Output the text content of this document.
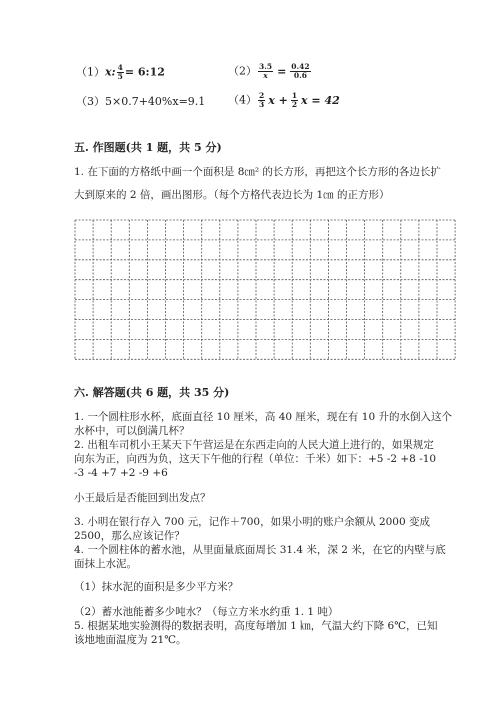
（1）x: $\frac{4}{5}$ = 6:12	$(2) \frac{3.5}{x} = \frac{0.42}{0.6}$
（3）5×0.7+40%x=9.1 $(4) \frac{2}{3}$ $x + \frac{1}{2}$ x = 42
五. 作图题(共 1 题，共 5 分)
1. 在下面的方格纸中画一个面积是 8㎝² 的长方形，再把这个长方形的各边长扩
大到原来的 2 倍，画出图形。（每个方格代表边长为 1㎝ 的正方形）
六. 解答题(共 6 题，共 35 分)
1. 一个圆柱形水杯，底面直径 10 厘米，高 40 厘米，现在有 10 升的水倒入这个
水杯中，可以倒满几杯？
2. 出租车司机小王某天下午营运是在东西走向的人民大道上进行的，如果规定
向东为正，向西为负，这天下午他的行程（单位：千米）如下：+5 -2 +8 -10
-3 -4 +7 +2 -9 +6
小王最后是否能回到出发点？
3. 小明在银行存入 700 元，记作＋700，如果小明的账户余额从 2000 变成
2500，那么应该记作？
4. 一个圆柱体的蓄水池，从里面量底面周长 31.4 米，深 2 米，在它的内壁与底
面抹上水泥。
（1）抹水泥的面积是多少平方米？
（2）蓄水池能蓄多少吨水？（每立方米水约重 1. 1 吨）
5. 根据某地实验测得的数据表明，高度每增加 1 ㎞，气温大约下降 6℃，已知
该地地面温度为 21℃。
